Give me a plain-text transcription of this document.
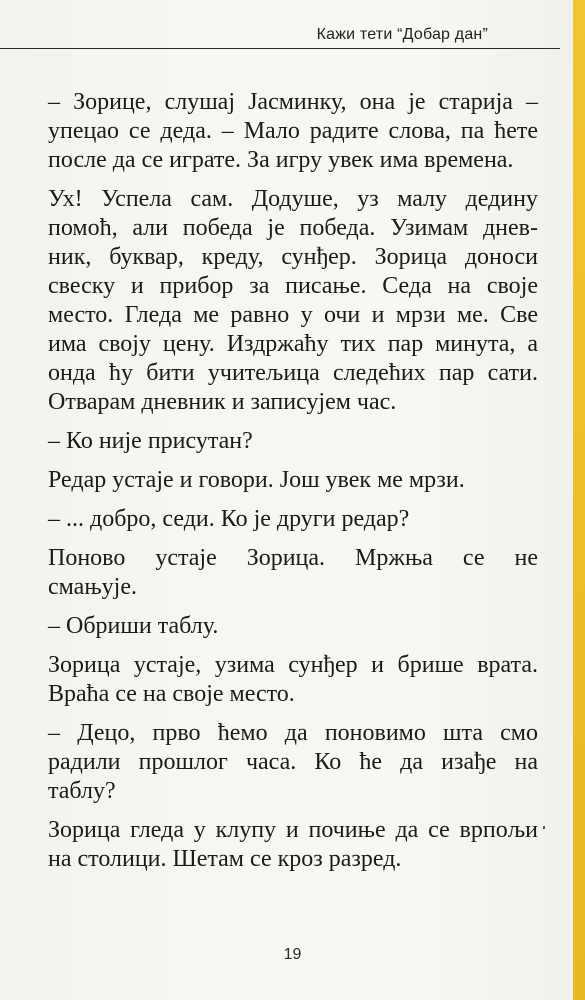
Кажи тети “Добар дан”
– Зорице, слушај Јасминку, она је старија –
упецао се деда. – Мало радите слова, па ћете
после да се играте. За игру увек има времена.
Ух! Успела сам. Додуше, уз малу дедину
помоћ, али победа је победа. Узимам днев-
ник, буквар, креду, сунђер. Зорица доноси
свеску и прибор за писање. Седа на своје
место. Гледа ме равно у очи и мрзи ме. Све
има своју цену. Издржаћу тих пар минута, а
онда ћу бити учитељица следећих пар сати.
Отварам дневник и записујем час.
– Ко није присутан?
Редар устаје и говори. Још увек ме мрзи.
– ... добро, седи. Ко је други редар?
Поново устаје Зорица. Мржња се не
смањује.
– Обриши таблу.
Зорица устаје, узима сунђер и брише врата.
Враћа се на своје место.
– Децо, прво ћемо да поновимо шта смо
радили прошлог часа. Ко ће да изађе на
таблу?
Зорица гледа у клупу и почиње да се врпољи
на столици. Шетам се кроз разред.
19
